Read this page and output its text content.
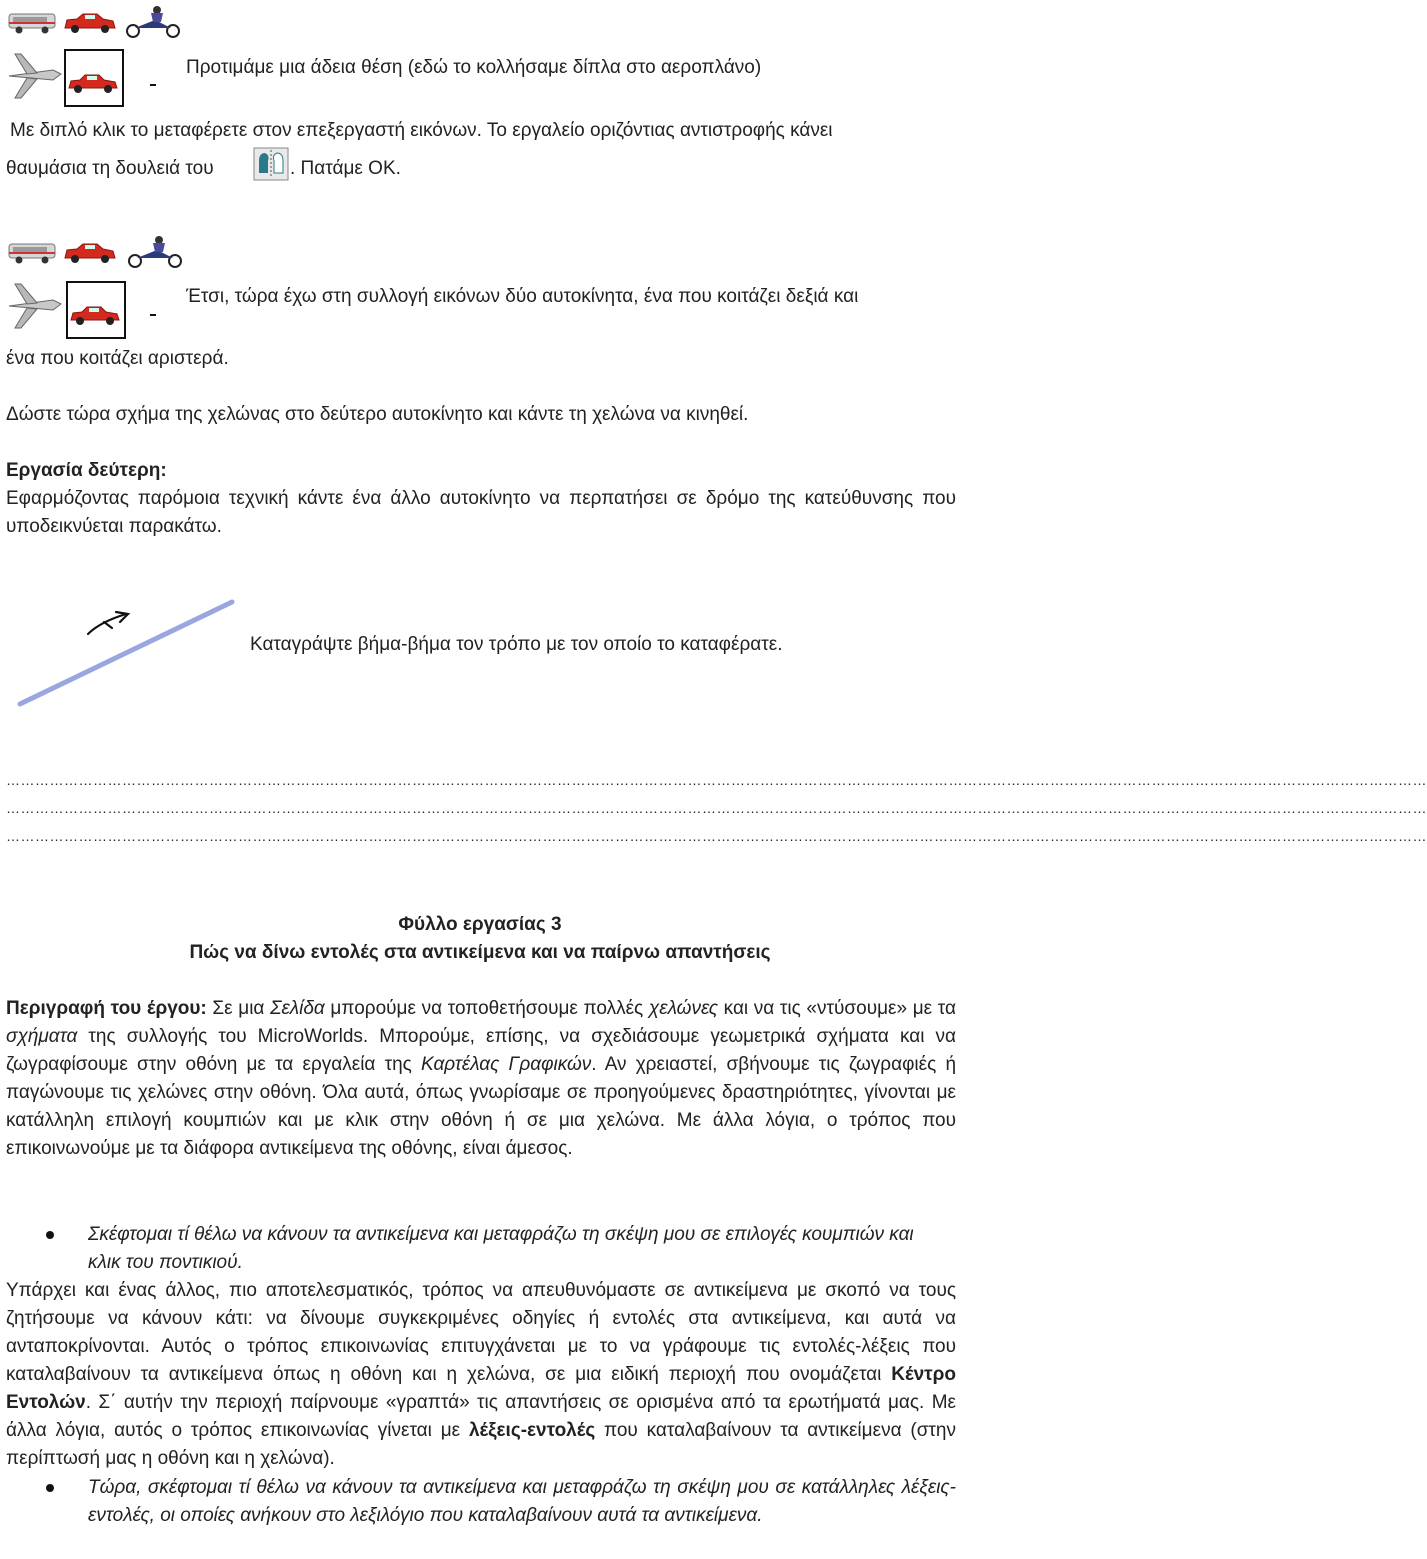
Προτιμάμε μια άδεια θέση (εδώ το κολλήσαμε δίπλα στο αεροπλάνο)
Με διπλό κλικ το μεταφέρετε στον επεξεργαστή εικόνων. Το εργαλείο οριζόντιας αντιστροφής κάνει
θαυμάσια τη δουλειά του	. Πατάμε ΟΚ.
Έτσι, τώρα έχω στη συλλογή εικόνων δύο αυτοκίνητα, ένα που κοιτάζει δεξιά και
ένα που κοιτάζει αριστερά.
Δώστε τώρα σχήμα της χελώνας στο δεύτερο αυτοκίνητο και κάντε τη χελώνα να κινηθεί.
Εργασία δεύτερη:
Εφαρμόζοντας παρόμοια τεχνική κάντε ένα άλλο αυτοκίνητο να περπατήσει σε δρόμο της κατεύθυνσης που υποδεικνύεται παρακάτω.
Καταγράψτε βήμα-βήμα τον τρόπο με τον οποίο το καταφέρατε.
……………………………………………………………………………………………………………………………………………………………………………………………………………………………………………………………………
……………………………………………………………………………………………………………………………………………………………………………………………………………………………………………………………………
……………………………………………………………………………………………………………………………………………………………………………………………………………………………………………………………………
Φύλλο εργασίας 3
Πώς να δίνω εντολές στα αντικείμενα και να παίρνω απαντήσεις
Περιγραφή του έργου: Σε μια Σελίδα μπορούμε να τοποθετήσουμε πολλές χελώνες και να τις «ντύσουμε» με τα σχήματα της συλλογής του MicroWorlds. Μπορούμε, επίσης, να σχεδιάσουμε γεωμετρικά σχήματα και να ζωγραφίσουμε στην οθόνη με τα εργαλεία της Καρτέλας Γραφικών. Αν χρειαστεί, σβήνουμε τις ζωγραφιές ή παγώνουμε τις χελώνες στην οθόνη. Όλα αυτά, όπως γνωρίσαμε σε προηγούμενες δραστηριότητες, γίνονται με κατάλληλη επιλογή κουμπιών και με κλικ στην οθόνη ή σε μια χελώνα. Με άλλα λόγια, ο τρόπος που επικοινωνούμε με τα διάφορα αντικείμενα της οθόνης, είναι άμεσος.
Σκέφτομαι τί θέλω να κάνουν τα αντικείμενα και μεταφράζω τη σκέψη μου σε επιλογές κουμπιών και κλικ του ποντικιού.
Υπάρχει και ένας άλλος, πιο αποτελεσματικός, τρόπος να απευθυνόμαστε σε αντικείμενα με σκοπό να τους ζητήσουμε να κάνουν κάτι: να δίνουμε συγκεκριμένες οδηγίες ή εντολές στα αντικείμενα, και αυτά να ανταποκρίνονται. Αυτός ο τρόπος επικοινωνίας επιτυγχάνεται με το να γράφουμε τις εντολές-λέξεις που καταλαβαίνουν τα αντικείμενα όπως η οθόνη και η χελώνα, σε μια ειδική περιοχή που ονομάζεται Κέντρο Εντολών. Σ΄ αυτήν την περιοχή παίρνουμε «γραπτά» τις απαντήσεις σε ορισμένα από τα ερωτήματά μας. Με άλλα λόγια, αυτός ο τρόπος επικοινωνίας γίνεται με λέξεις-εντολές που καταλαβαίνουν τα αντικείμενα (στην περίπτωσή μας η οθόνη και η χελώνα).
Τώρα, σκέφτομαι τί θέλω να κάνουν τα αντικείμενα και μεταφράζω τη σκέψη μου σε κατάλληλες λέξεις-εντολές, οι οποίες ανήκουν στο λεξιλόγιο που καταλαβαίνουν αυτά τα αντικείμενα.
